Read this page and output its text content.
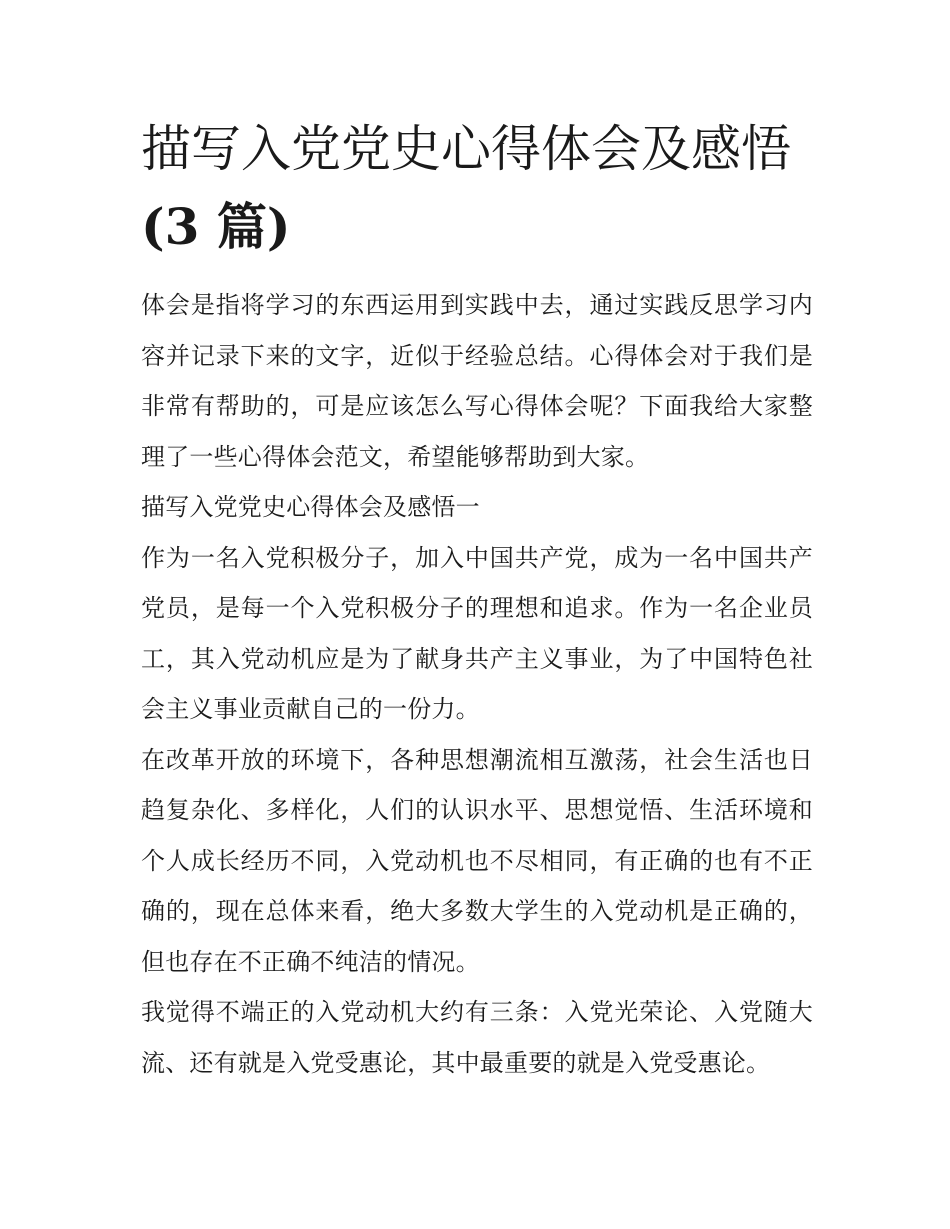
描写入党党史心得体会及感悟
(3 篇)

体会是指将学习的东西运用到实践中去，通过实践反思学习内容并记录下来的文字，近似于经验总结。心得体会对于我们是非常有帮助的，可是应该怎么写心得体会呢？下面我给大家整理了一些心得体会范文，希望能够帮助到大家。

描写入党党史心得体会及感悟一

作为一名入党积极分子，加入中国共产党，成为一名中国共产党员，是每一个入党积极分子的理想和追求。作为一名企业员工，其入党动机应是为了献身共产主义事业，为了中国特色社会主义事业贡献自己的一份力。

在改革开放的环境下，各种思想潮流相互激荡，社会生活也日趋复杂化、多样化，人们的认识水平、思想觉悟、生活环境和个人成长经历不同，入党动机也不尽相同，有正确的也有不正确的，现在总体来看，绝大多数大学生的入党动机是正确的，但也存在不正确不纯洁的情况。

我觉得不端正的入党动机大约有三条：入党光荣论、入党随大流、还有就是入党受惠论，其中最重要的就是入党受惠论。
